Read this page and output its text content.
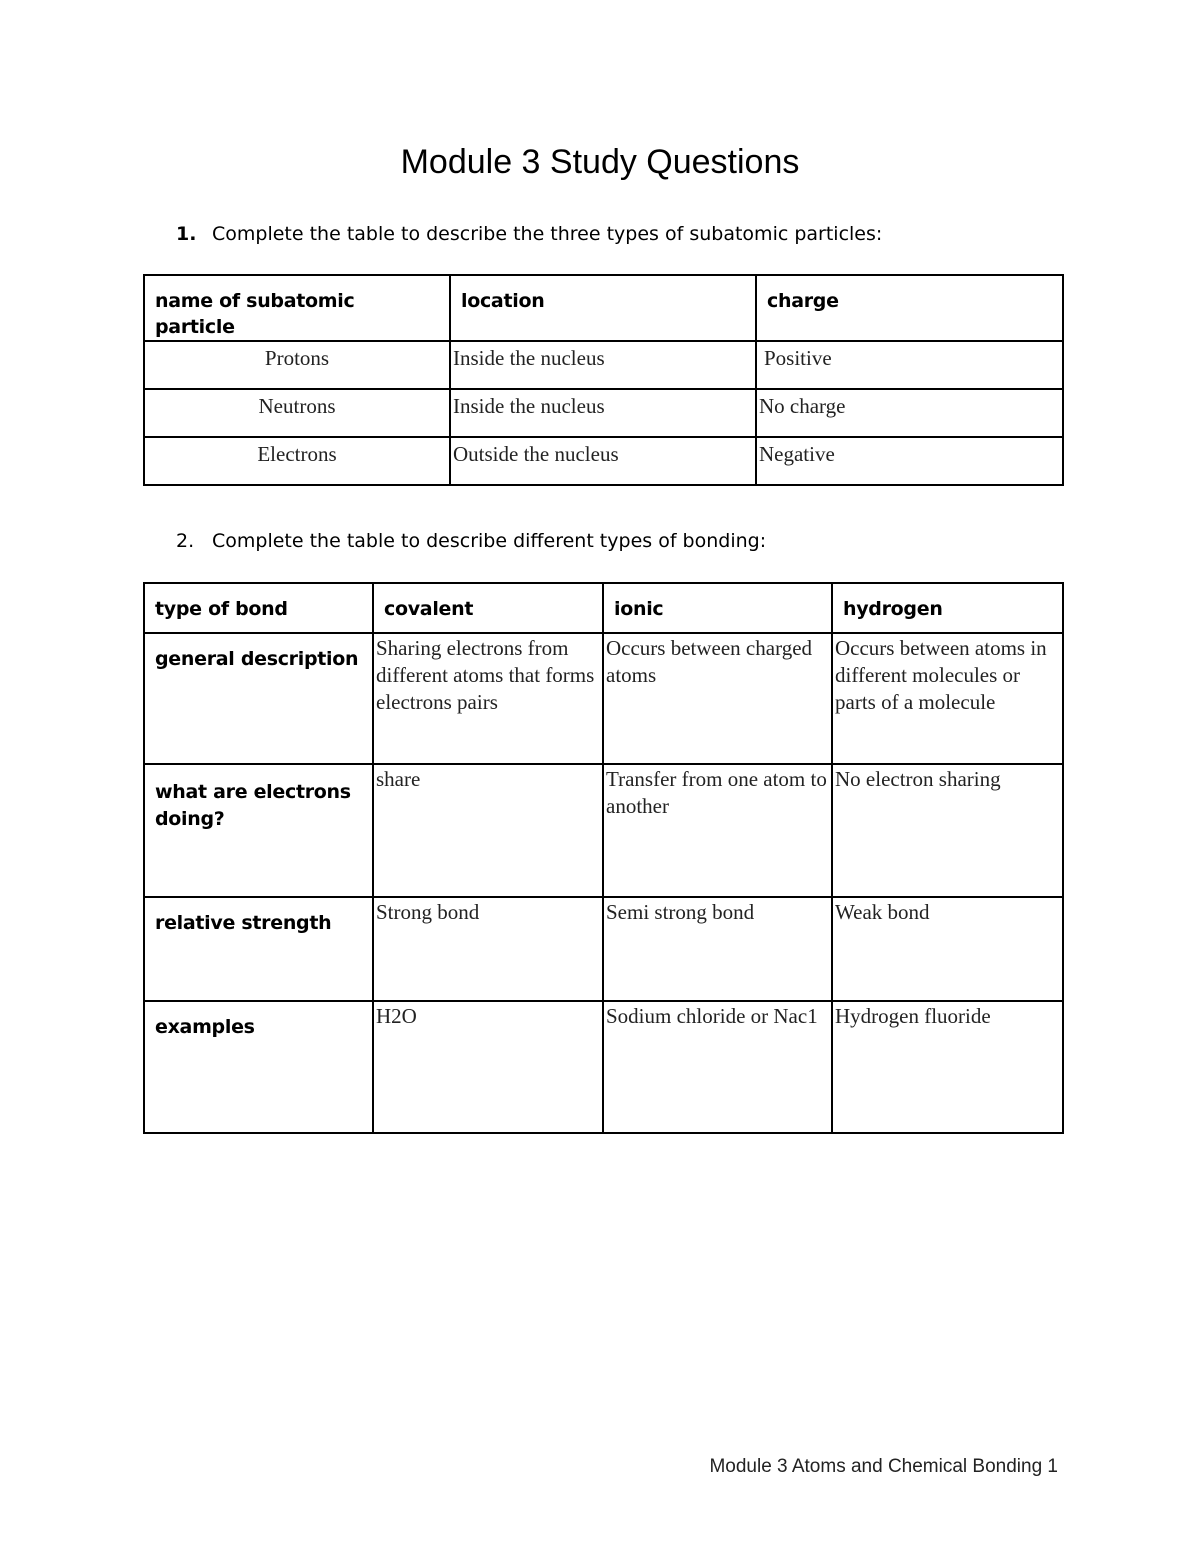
Module 3 Study Questions
1. Complete the table to describe the three types of subatomic particles:
name of subatomic particle	location	charge
Protons	Inside the nucleus	Positive
Neutrons	Inside the nucleus	No charge
Electrons	Outside the nucleus	Negative
2. Complete the table to describe different types of bonding:
type of bond	covalent	ionic	hydrogen
general description	Sharing electrons from different atoms that forms electrons pairs	Occurs between charged atoms	Occurs between atoms in different molecules or parts of a molecule
what are electrons doing?	share	Transfer from one atom to another	No electron sharing
relative strength	Strong bond	Semi strong bond	Weak bond
examples	H2O	Sodium chloride or Nac1	Hydrogen fluoride
Module 3 Atoms and Chemical Bonding 1
